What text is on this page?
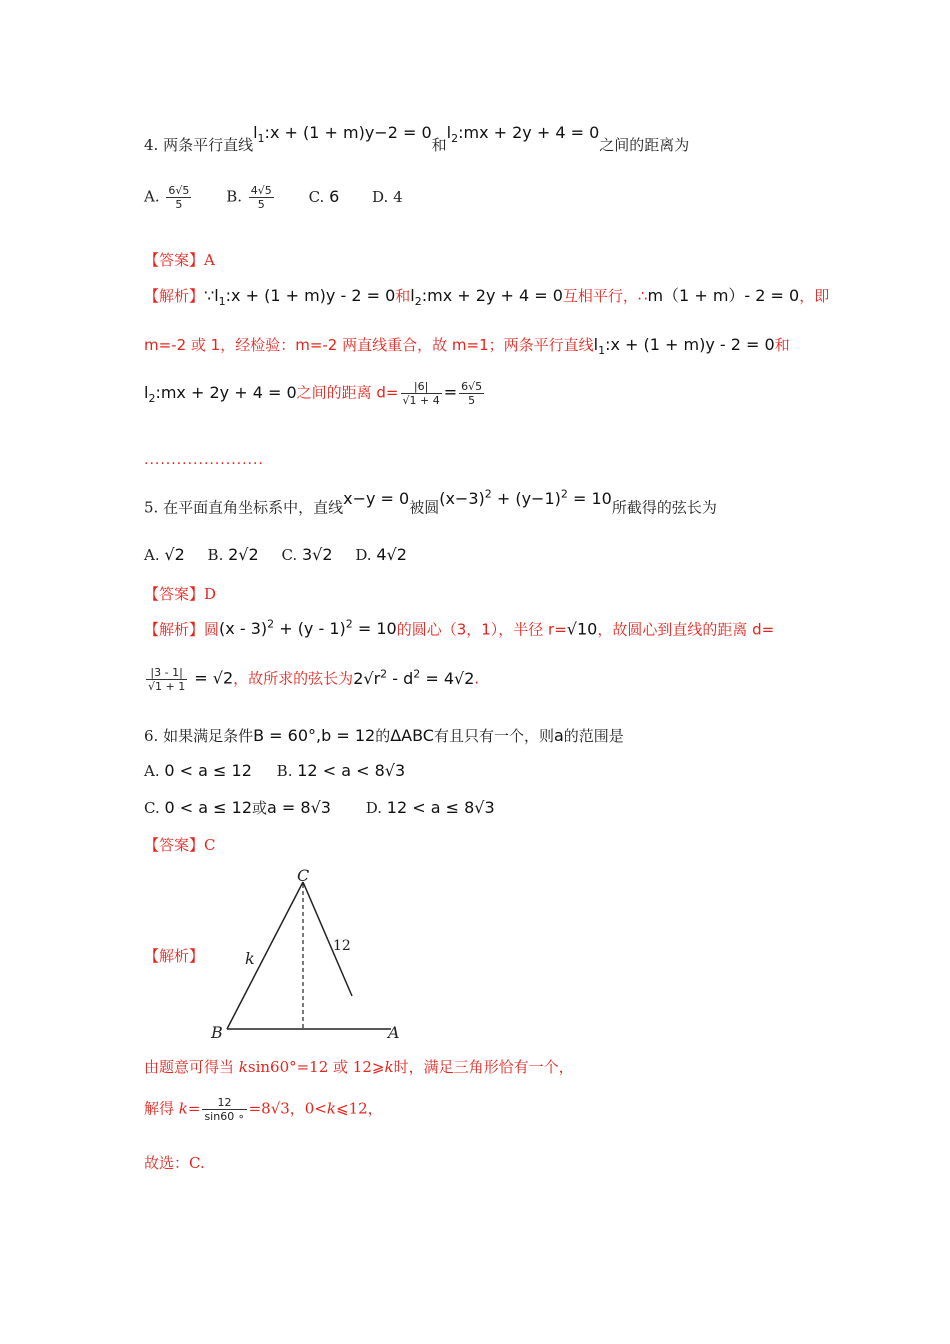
4. 两条平行直线$l_1:x + (1 + m)y-2 = 0$和$l_2:mx + 2y + 4 = 0$之间的距离为
A. $\frac{6√5}{5} B$. $\frac{4√5}{5} C$. 6 D. 4
【答案】A
【解析】$\because l_1:x + (1 + m)y - 2 = 0$和$l_2:mx + 2y + 4 = 0$互相平行，∴m（1 + m）- 2 = 0，即
m=-2 或 1，经检验：m=-2 两直线重合，故 m=1；两条平行直线$l_1:x + (1 + m)y - 2 = 0$和
$l_2:mx + 2y + 4 = 0$之间的距离 $d= \frac{|6|}{√1 + 4} = \frac{6√5}{5}$
......................
5. 在平面直角坐标系中，直线x−y = 0被圆$(x-3)^2 + (y-1)^2 = 10$所截得的弦长为
A. √2 B. 2√2 C. 3√2 D. 4√2
【答案】D
【解析】圆(x - 3)$^2$ + (y - 1)$^2$ = 10的圆心（3，1），半径 r=√10，故圆心到直线的距离 d=
$\frac{|3 - 1|}{√1 + 1} = √2$，故所求的弦长为$2√r^2 - d^2 = 4√2$.
6. 如果满足条件B = 60°,b = 12的ΔABC有且只有一个，则a的范围是
A. 0 < a ≤ 12 B. 12 < a < 8√3
C. 0 < a ≤ 12或a = 8√3 D. 12 < a ≤ 8√3
【答案】C
【解析】
C
B	A
k
12
由题意可得当 ksin60°=12 或 12⩾k时，满足三角形恰有一个，
解得 $k= \frac{12}{\sin 60 \circ} =8√3$，0<k⩽12，
故选：C.
